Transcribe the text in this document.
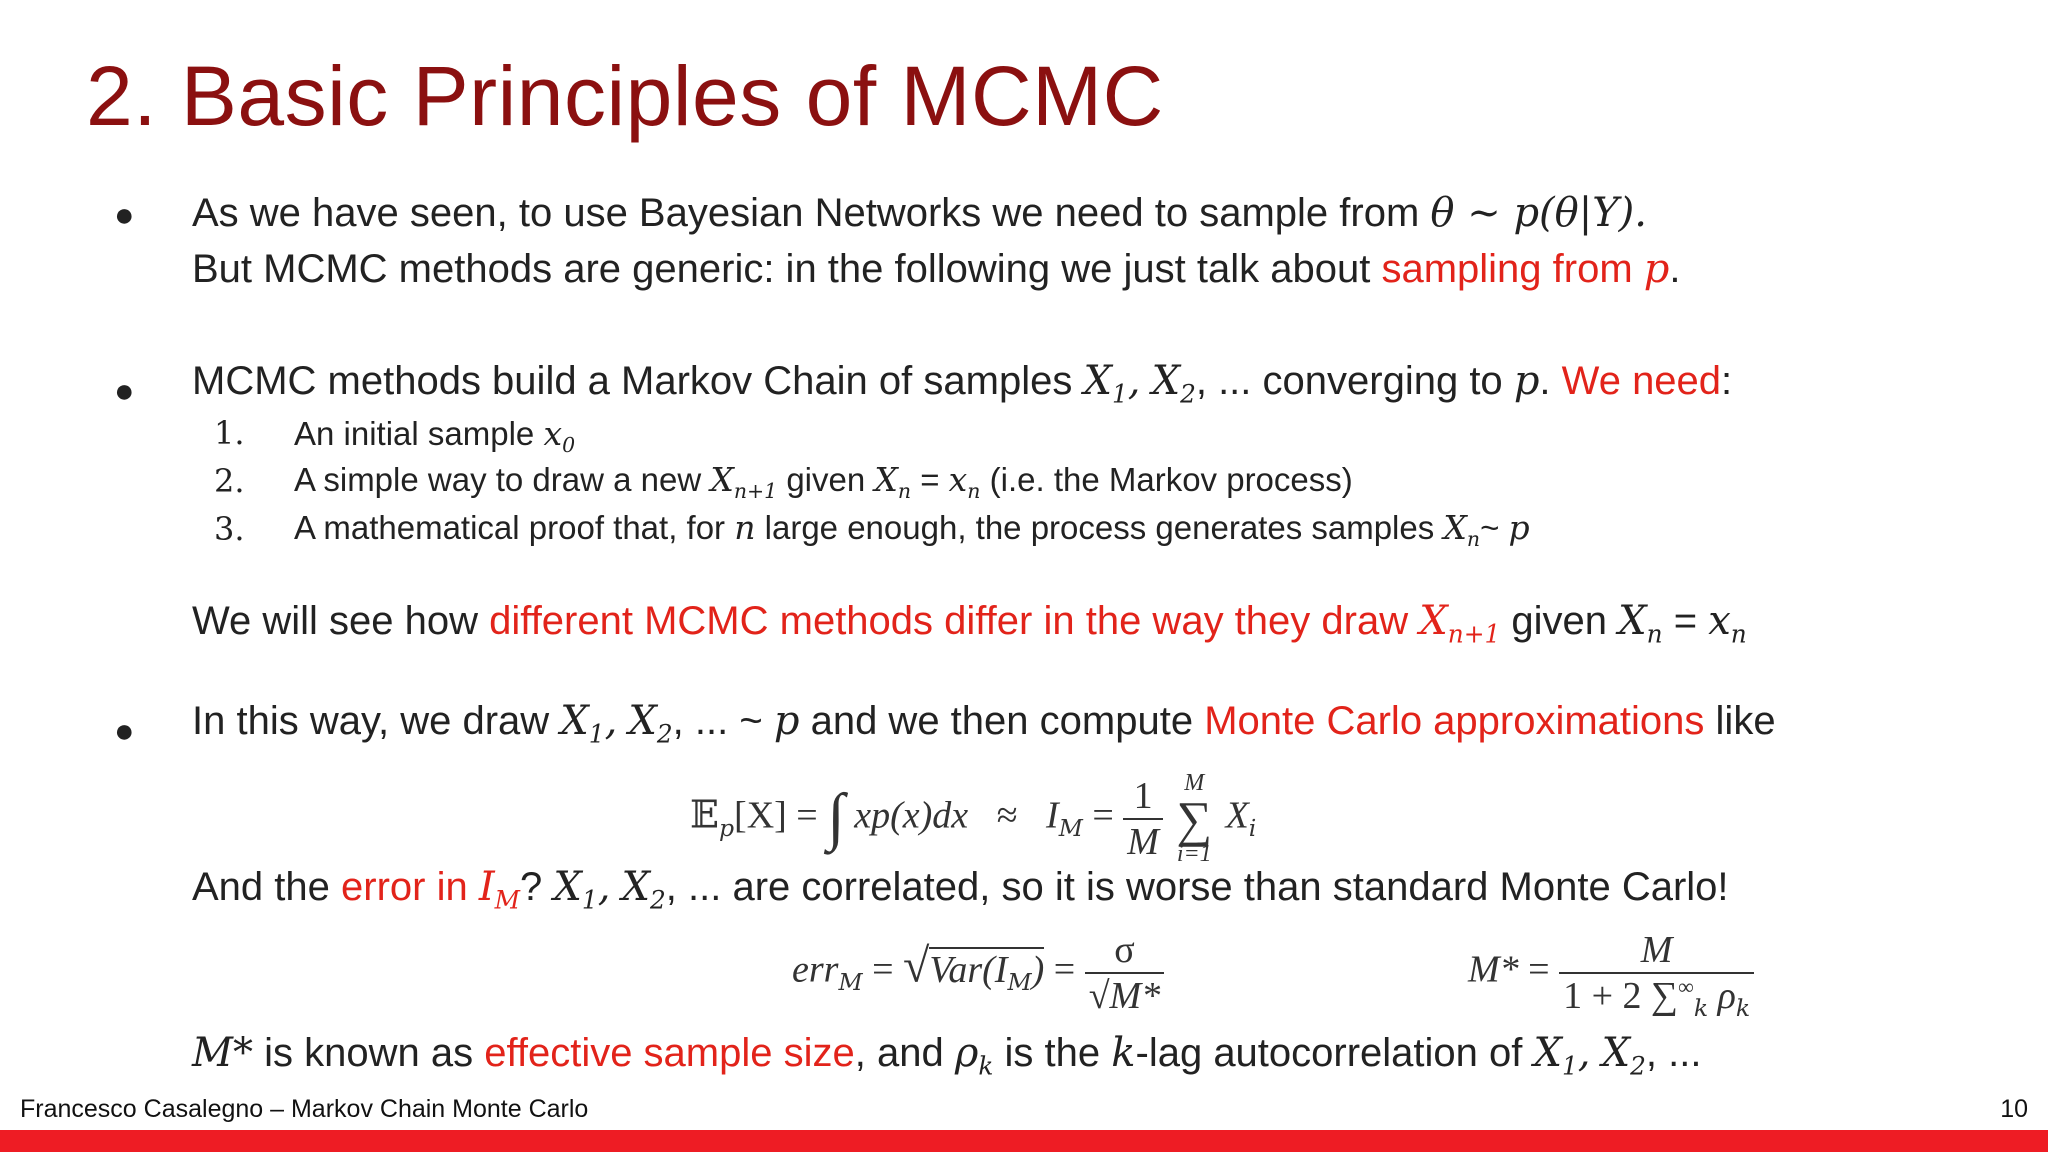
2. Basic Principles of MCMC
● As we have seen, to use Bayesian Networks we need to sample from θ ~ p(θ|Y).
But MCMC methods are generic: in the following we just talk about sampling from p.
● MCMC methods build a Markov Chain of samples $X_1$, $X_2$, ... converging to p. We need:
1. An initial sample $x_0$
2. A simple way to draw a new $X_{n+1}$ given $X_n = x_n$ (i.e. the Markov process)
3. A mathematical proof that, for n large enough, the process generates samples $X_n\sim$ p
We will see how different MCMC methods differ in the way they draw $X_{n+1}$ given $X_n = x_n$
● In this way, we draw $X_1$, $X_2$, ... ~ p and we then compute Monte Carlo approximations like
𝔼$_p$[X] = ∫ $xp(x)dx \approx I_M = \frac{1}{M}$
M
∑
i=1
$X_i$
And the error in $I_M$? $X_1$, $X_2$, ... are correlated, so it is worse than standard Monte Carlo!
$err_M = √Var(I_M) = \frac{\sigma}{√M*}$	$M* = \frac{M}{1 + 2 \sum^\infty_k \rho_k}$
M* is known as effective sample size, and $\rho_k$ is the k-lag autocorrelation of $X_1$, $X_2$, ...
Francesco Casalegno – Markov Chain Monte Carlo	10
